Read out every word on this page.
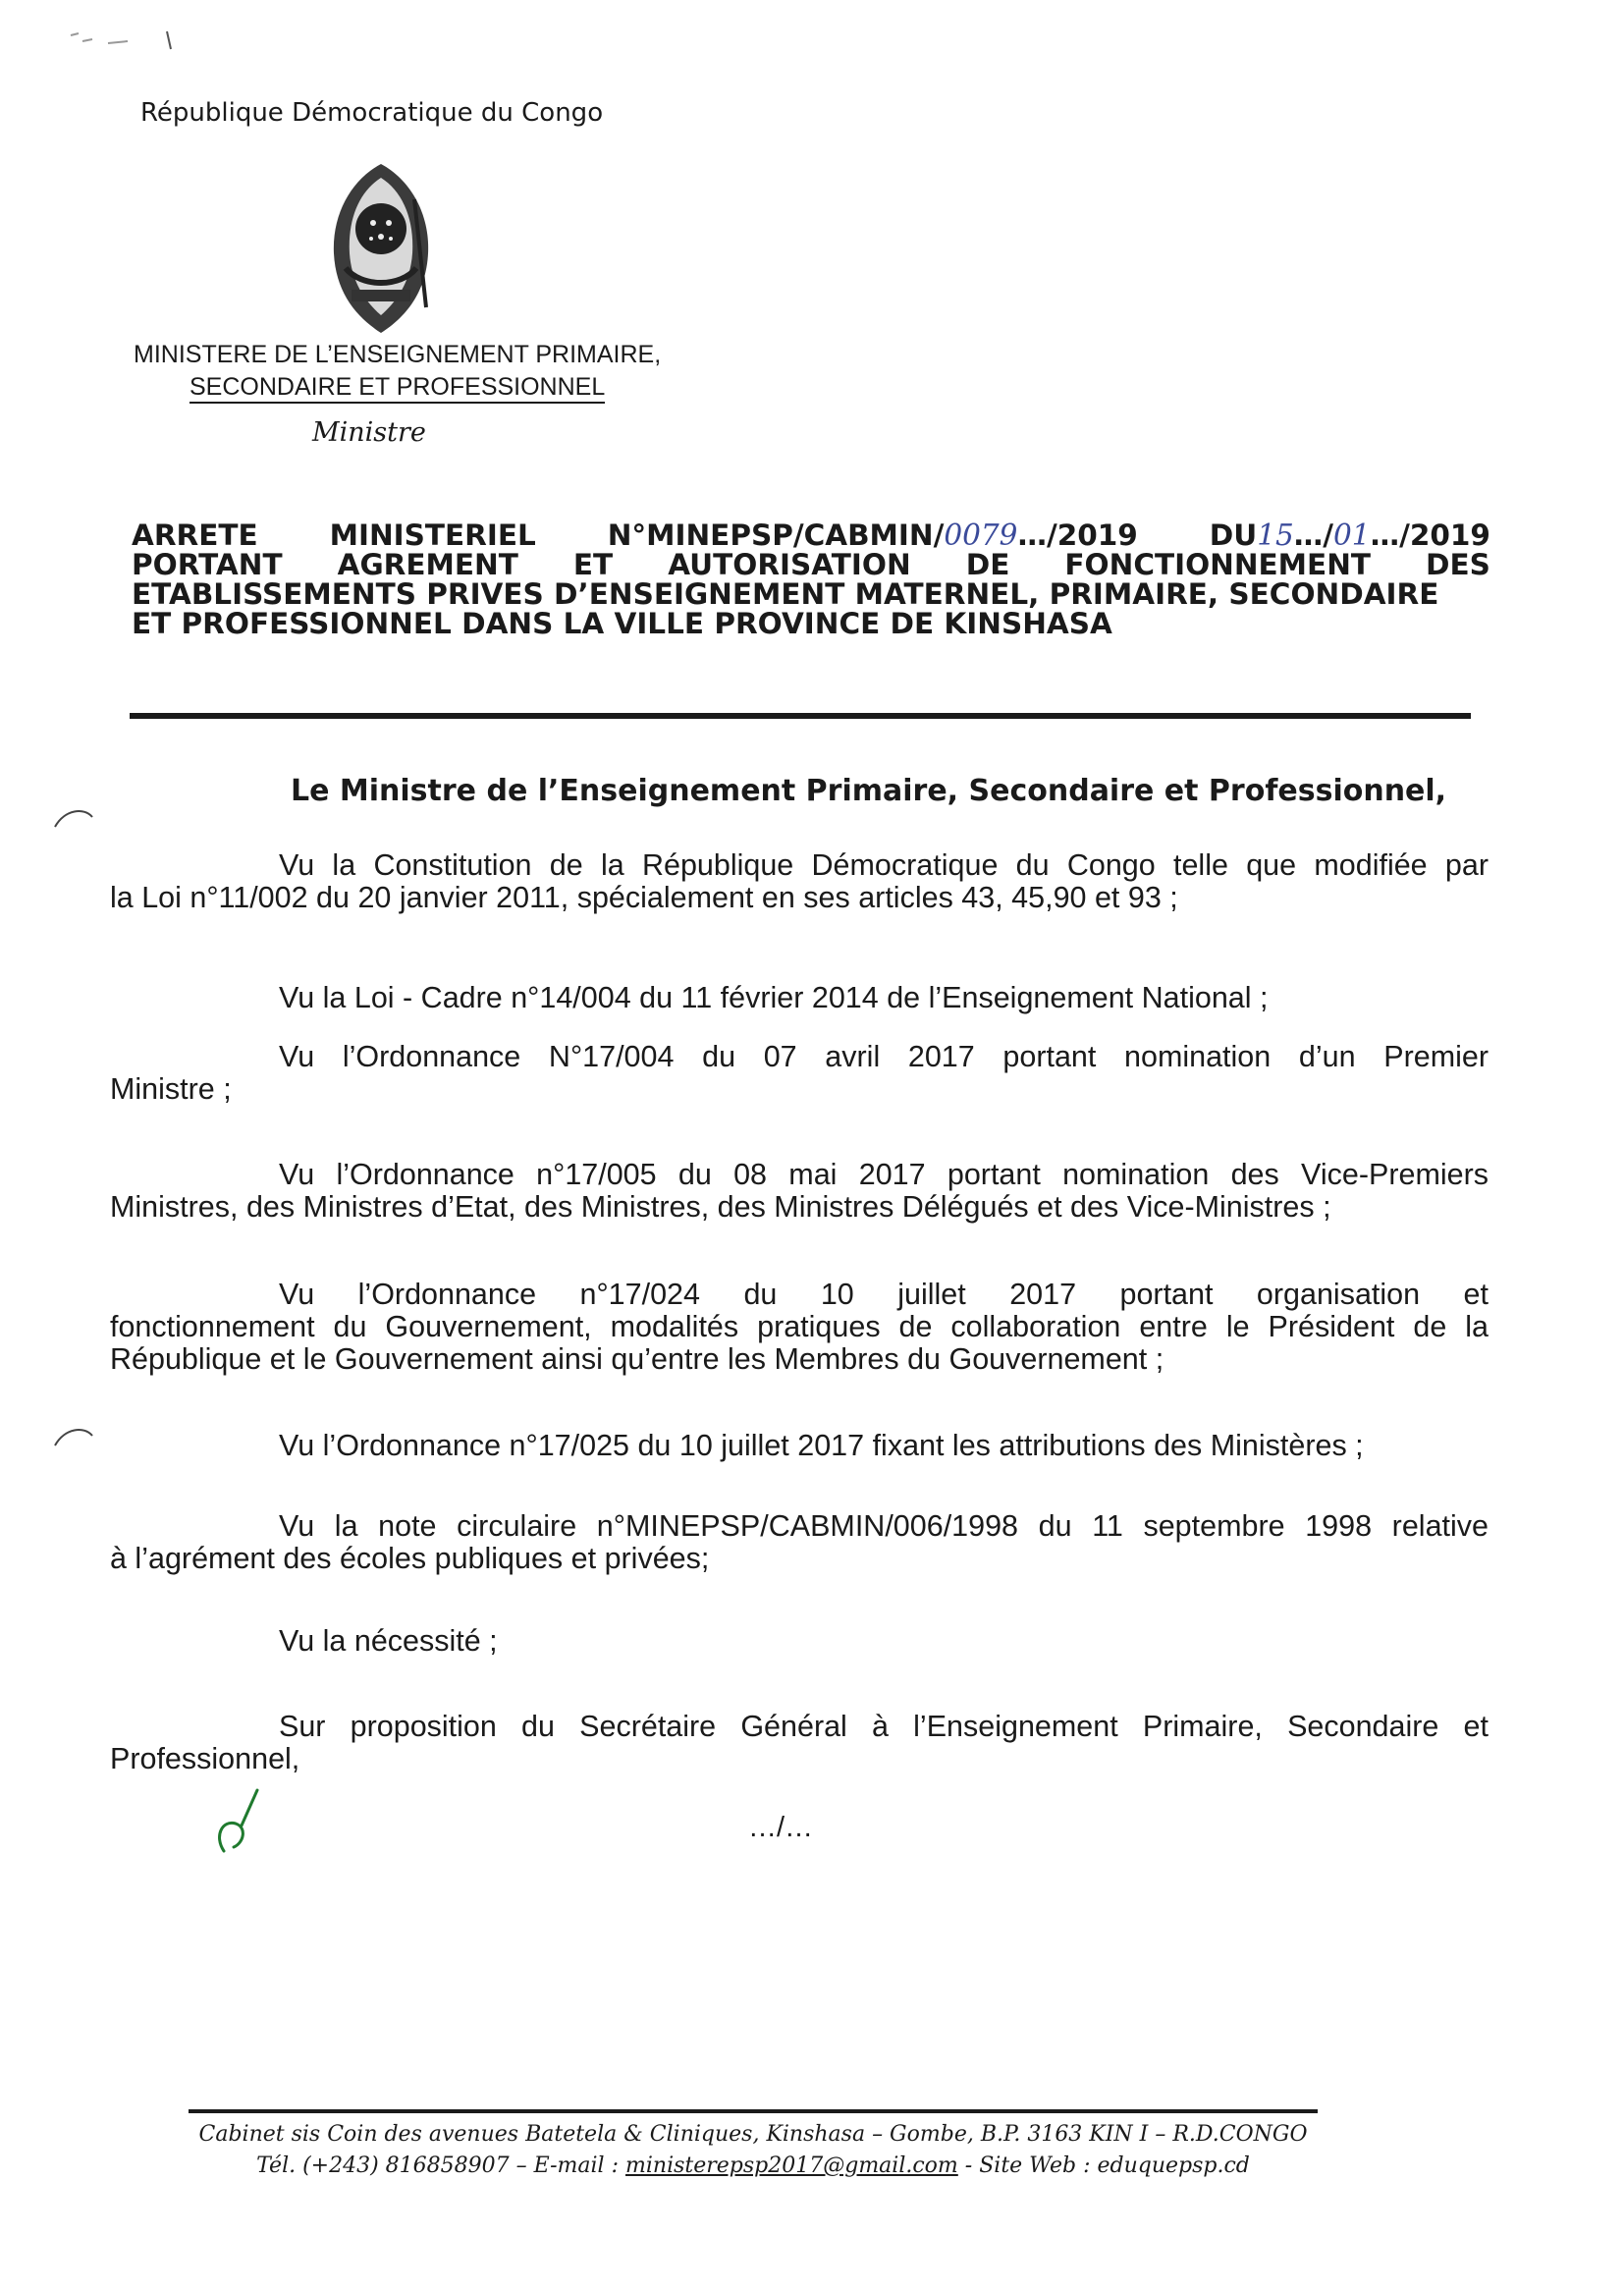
République Démocratique du Congo
MINISTERE DE L’ENSEIGNEMENT PRIMAIRE,
SECONDAIRE ET PROFESSIONNEL
Ministre
ARRETE MINISTERIEL N°MINEPSP/CABMIN/0079…/2019 DU15…/01…/2019
PORTANT AGREMENT ET AUTORISATION DE FONCTIONNEMENT DES
ETABLISSEMENTS PRIVES D’ENSEIGNEMENT MATERNEL, PRIMAIRE, SECONDAIRE
ET PROFESSIONNEL DANS LA VILLE PROVINCE DE KINSHASA
Le Ministre de l’Enseignement Primaire, Secondaire et Professionnel,
Vu la Constitution de la République Démocratique du Congo telle que modifiée par
la Loi n°11/002 du 20 janvier 2011, spécialement en ses articles 43, 45,90 et 93 ;
Vu la Loi - Cadre n°14/004 du 11 février 2014 de l’Enseignement National ;
Vu l’Ordonnance N°17/004 du 07 avril 2017 portant nomination d’un Premier
Ministre ;
Vu l’Ordonnance n°17/005 du 08 mai 2017 portant nomination des Vice-Premiers
Ministres, des Ministres d’Etat, des Ministres, des Ministres Délégués et des Vice-Ministres ;
Vu l’Ordonnance n°17/024 du 10 juillet 2017 portant organisation et
fonctionnement du Gouvernement, modalités pratiques de collaboration entre le Président de la République et le Gouvernement ainsi qu’entre les Membres du Gouvernement ;
Vu l’Ordonnance n°17/025 du 10 juillet 2017 fixant les attributions des Ministères ;
Vu la note circulaire n°MINEPSP/CABMIN/006/1998 du 11 septembre 1998 relative
à l’agrément des écoles publiques et privées;
Vu la nécessité ;
Sur proposition du Secrétaire Général à l’Enseignement Primaire, Secondaire et
Professionnel,
…/…
Cabinet sis Coin des avenues Batetela & Cliniques, Kinshasa – Gombe, B.P. 3163 KIN I – R.D.CONGO
Tél. (+243) 816858907 – E-mail : ministerepsp2017@gmail.com - Site Web : eduquepsp.cd
